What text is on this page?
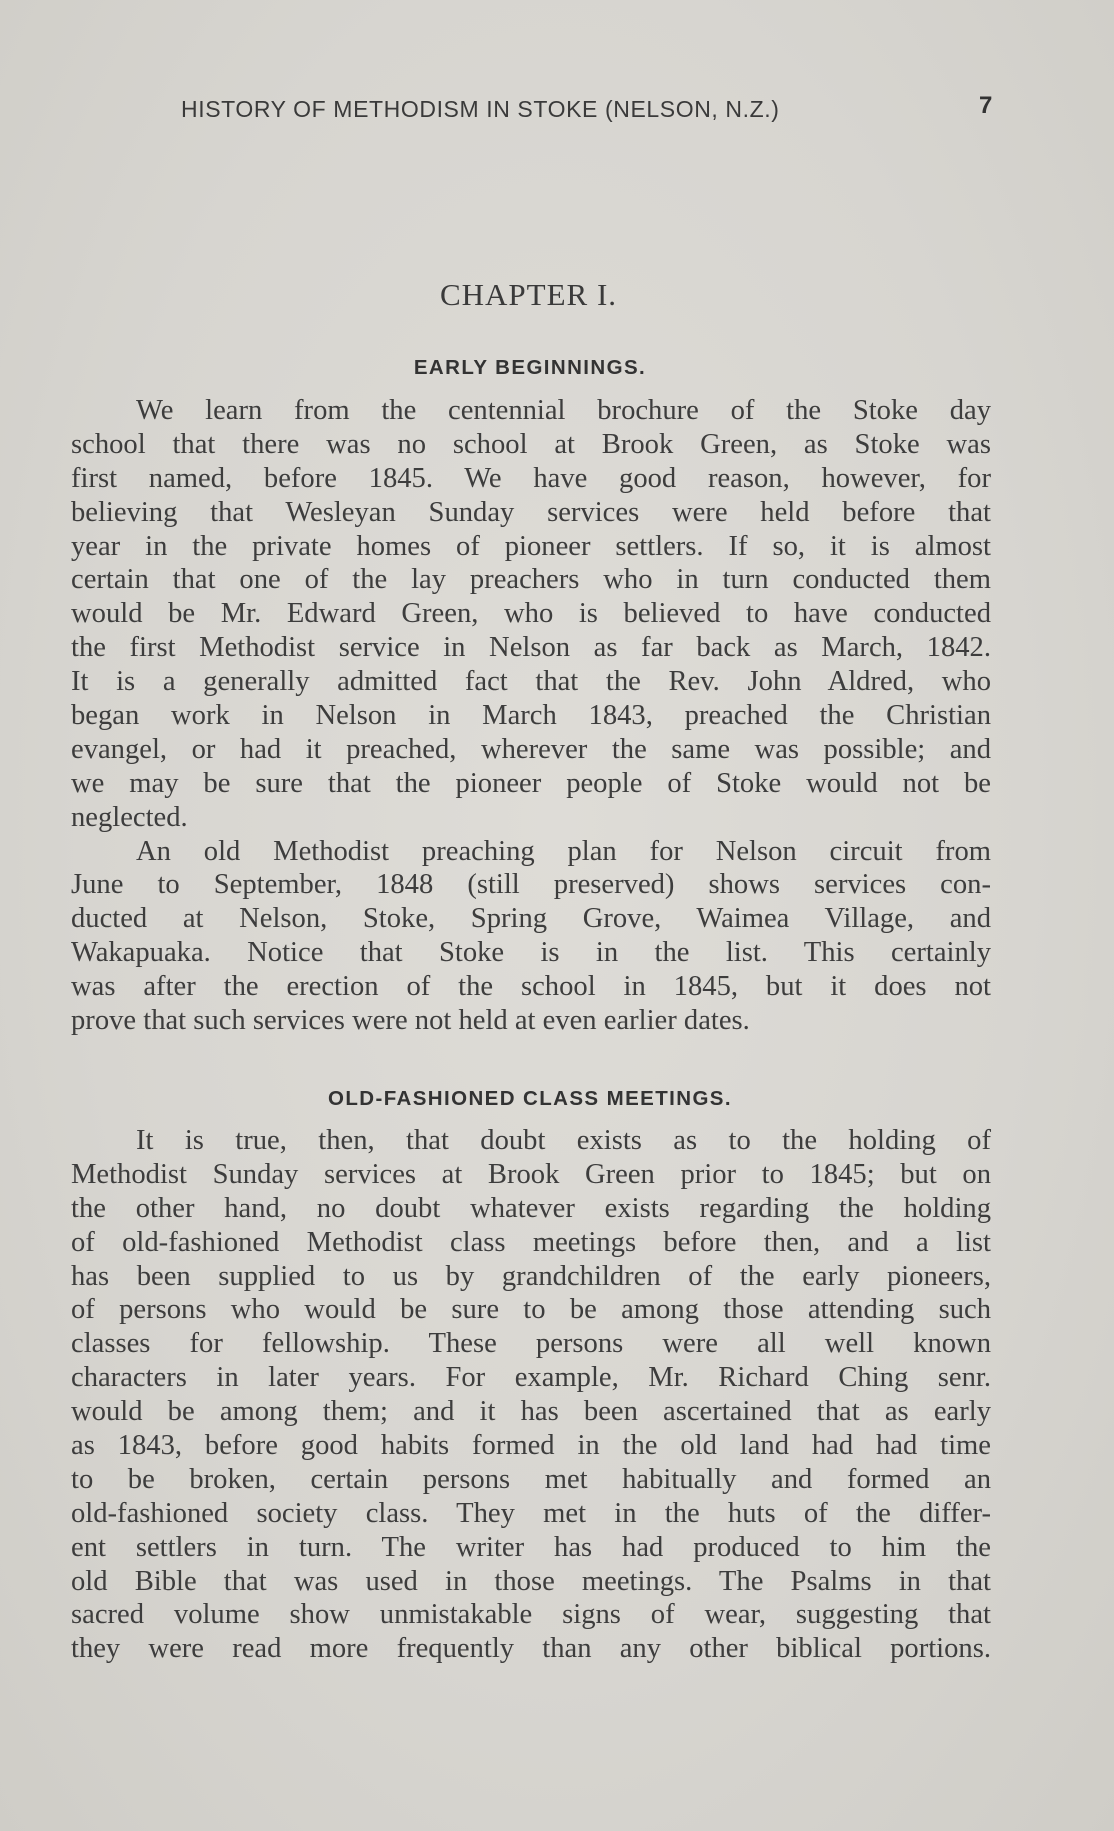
HISTORY OF METHODISM IN STOKE (NELSON, N.Z.)	7
CHAPTER I.
EARLY BEGINNINGS.
We learn from the centennial brochure of the Stoke day
school that there was no school at Brook Green, as Stoke was
first named, before 1845. We have good reason, however, for
believing that Wesleyan Sunday services were held before that
year in the private homes of pioneer settlers. If so, it is almost
certain that one of the lay preachers who in turn conducted them
would be Mr. Edward Green, who is believed to have conducted
the first Methodist service in Nelson as far back as March, 1842.
It is a generally admitted fact that the Rev. John Aldred, who
began work in Nelson in March 1843, preached the Christian
evangel, or had it preached, wherever the same was possible; and
we may be sure that the pioneer people of Stoke would not be
neglected.
An old Methodist preaching plan for Nelson circuit from
June to September, 1848 (still preserved) shows services con-
ducted at Nelson, Stoke, Spring Grove, Waimea Village, and
Wakapuaka. Notice that Stoke is in the list. This certainly
was after the erection of the school in 1845, but it does not
prove that such services were not held at even earlier dates.
OLD-FASHIONED CLASS MEETINGS.
It is true, then, that doubt exists as to the holding of
Methodist Sunday services at Brook Green prior to 1845; but on
the other hand, no doubt whatever exists regarding the holding
of old-fashioned Methodist class meetings before then, and a list
has been supplied to us by grandchildren of the early pioneers,
of persons who would be sure to be among those attending such
classes for fellowship. These persons were all well known
characters in later years. For example, Mr. Richard Ching senr.
would be among them; and it has been ascertained that as early
as 1843, before good habits formed in the old land had had time
to be broken, certain persons met habitually and formed an
old-fashioned society class. They met in the huts of the differ-
ent settlers in turn. The writer has had produced to him the
old Bible that was used in those meetings. The Psalms in that
sacred volume show unmistakable signs of wear, suggesting that
they were read more frequently than any other biblical portions.
